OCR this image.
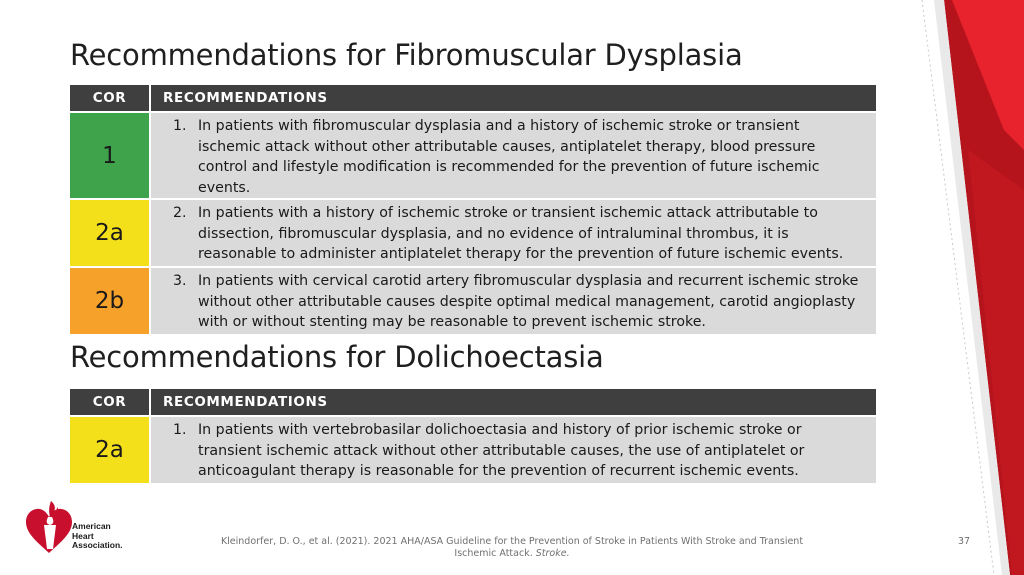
Recommendations for Fibromuscular Dysplasia
COR	RECOMMENDATIONS
1	1. In patients with fibromuscular dysplasia and a history of ischemic stroke or transient ischemic attack without other attributable causes, antiplatelet therapy, blood pressure control and lifestyle modification is recommended for the prevention of future ischemic events.

2a	2. In patients with a history of ischemic stroke or transient ischemic attack attributable to dissection, fibromuscular dysplasia, and no evidence of intraluminal thrombus, it is reasonable to administer antiplatelet therapy for the prevention of future ischemic events.

2b	3. In patients with cervical carotid artery fibromuscular dysplasia and recurrent ischemic stroke without other attributable causes despite optimal medical management, carotid angioplasty with or without stenting may be reasonable to prevent ischemic stroke.
Recommendations for Dolichoectasia
COR	RECOMMENDATIONS
2a	1. In patients with vertebrobasilar dolichoectasia and history of prior ischemic stroke or transient ischemic attack without other attributable causes, the use of antiplatelet or anticoagulant therapy is reasonable for the prevention of recurrent ischemic events.

American
Heart
Association.	Kleindorfer, D. O., et al. (2021). 2021 AHA/ASA Guideline for the Prevention of Stroke in Patients With Stroke and Transient Ischemic Attack. Stroke.

37
